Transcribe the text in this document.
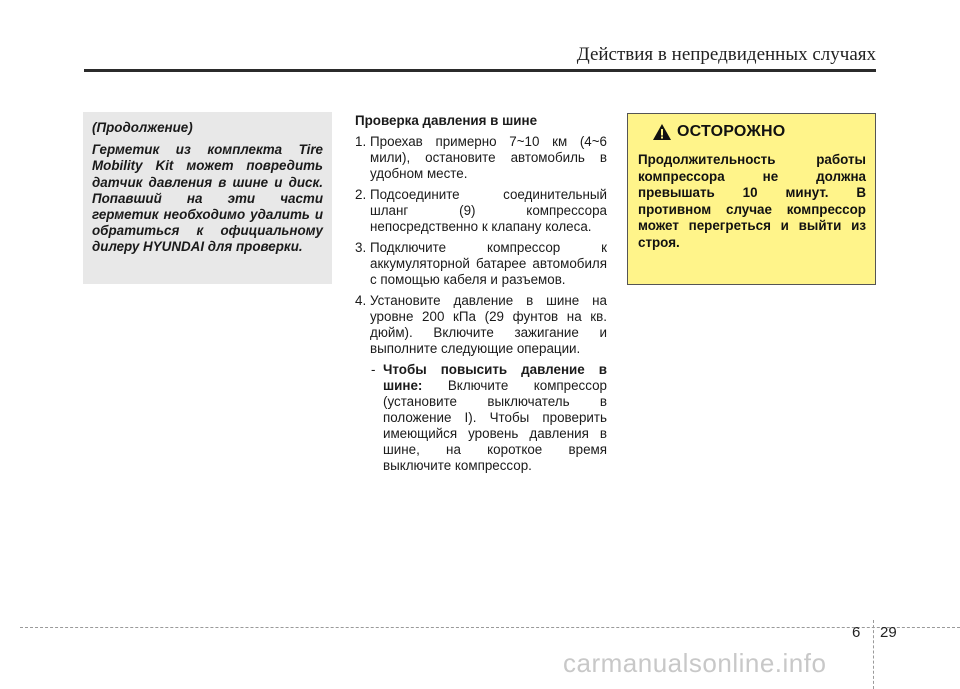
Действия в непредвиденных случаях
(Продолжение)
Герметик из комплекта Tire Mobility Kit может повредить датчик давления в шине и диск. Попавший на эти части герметик необходимо удалить и обратиться к официальному дилеру HYUNDAI для проверки.
Проверка давления в шине
1. Проехав примерно 7~10 км (4~6 мили), остановите автомобиль в удобном месте.
2. Подсоедините соединительный шланг (9) компрессора непосредственно к клапану колеса.
3. Подключите компрессор к аккумуляторной батарее автомобиля с помощью кабеля и разъемов.
4. Установите давление в шине на уровне 200 кПа (29 фунтов на кв. дюйм). Включите зажигание и выполните следующие операции.
- Чтобы повысить давление в шине: Включите компрессор (установите выключатель в положение I). Чтобы проверить имеющийся уровень давления в шине, на короткое время выключите компрессор.
ОСТОРОЖНО
Продолжительность работы компрессора не должна превышать 10 минут. В противном случае компрессор может перегреться и выйти из строя.
6 29
carmanualsonline.info
